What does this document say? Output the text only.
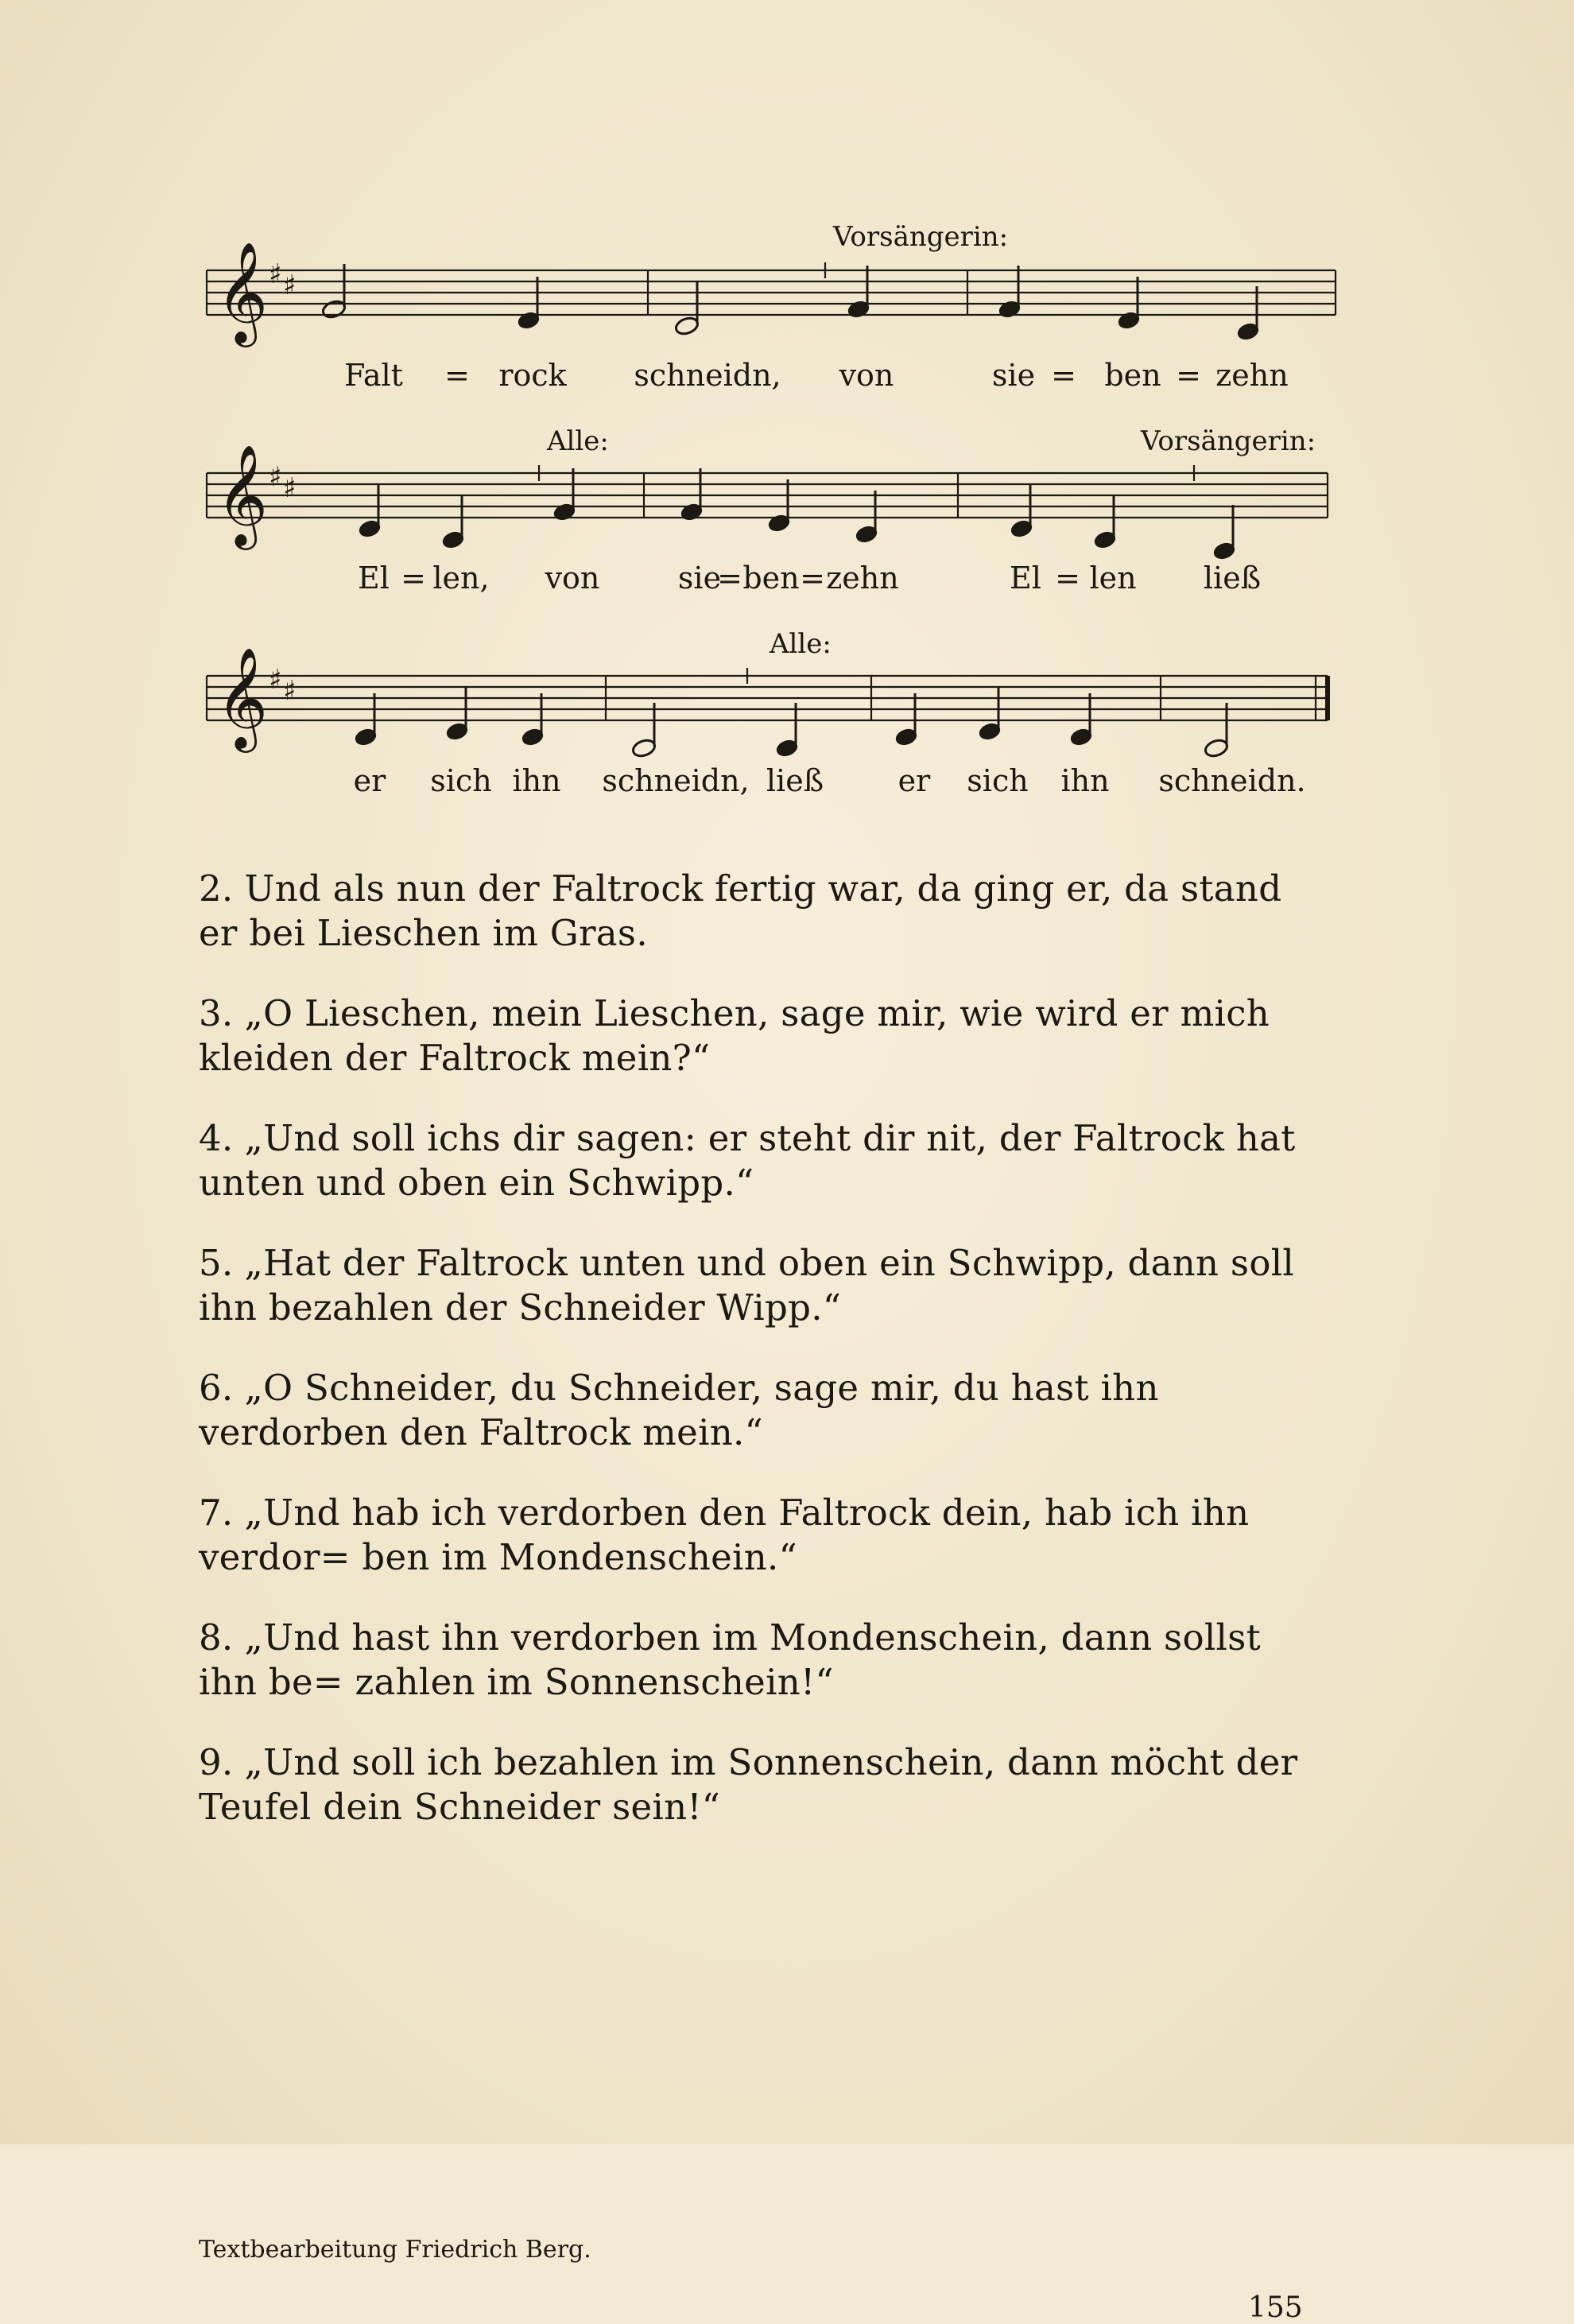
𝄞 ♯ ♯
Vorsängerin:
Falt = rock schneidn, von	sie = ben = zehn
𝄞 ♯ ♯
Alle:	Vorsängerin:
El = len, von	sie
= ben = zehn	El = len ließ
𝄞 ♯ ♯
Alle:
er sich ihn schneidn, ließ er sich ihn schneidn.

2. Und als nun der Faltrock fertig war, da ging er, da stand er bei Lieschen im Gras.

3. „O Lieschen, mein Lieschen, sage mir, wie wird er mich kleiden der Faltrock mein?“

4. „Und soll ichs dir sagen: er steht dir nit, der Faltrock hat unten und oben ein Schwipp.“

5. „Hat der Faltrock unten und oben ein Schwipp, dann soll ihn bezahlen der Schneider Wipp.“

6. „O Schneider, du Schneider, sage mir, du hast ihn verdorben den Faltrock mein.“

7. „Und hab ich verdorben den Faltrock dein, hab ich ihn verdor= ben im Mondenschein.“

8. „Und hast ihn verdorben im Mondenschein, dann sollst ihn be= zahlen im Sonnenschein!“

9. „Und soll ich bezahlen im Sonnenschein, dann möcht der Teufel dein Schneider sein!“

Textbearbeitung Friedrich Berg.
155
